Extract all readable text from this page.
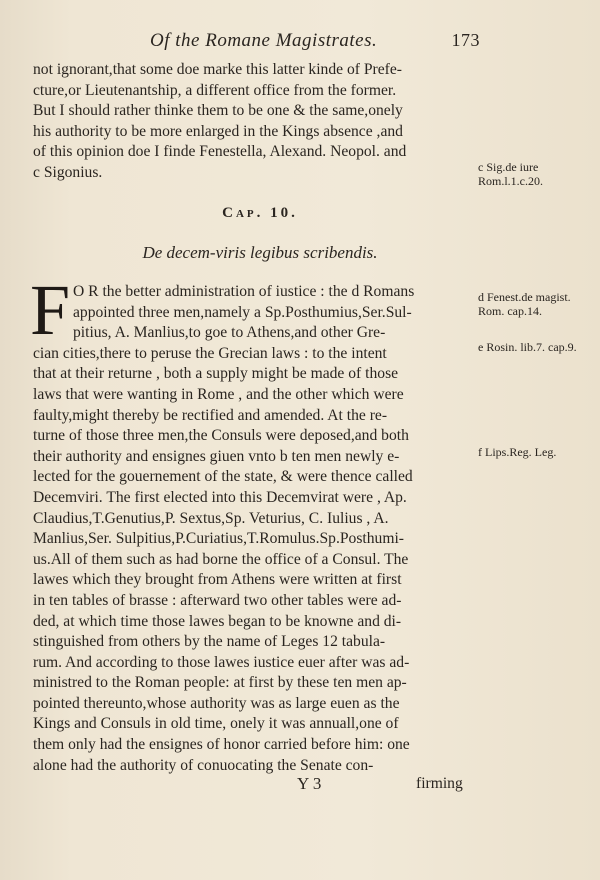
Of the Romane Magistrates.	173
not ignorant,that some doe marke this latter kinde of Prefe-
cture,or Lieutenantship, a different office from the former.
But I should rather thinke them to be one & the same,onely
his authority to be more enlarged in the Kings absence ,and
of this opinion doe I finde Fenestella, Alexand. Neopol. and
c Sigonius.
Cap. 10.
De decem-viris legibus scribendis.
F O R the better administration of iustice : the d Romans
appointed three men,namely a Sp.Posthumius,Ser.Sul-
pitius, A. Manlius,to goe to Athens,and other Gre-
cian cities,there to peruse the Grecian laws : to the intent
that at their returne , both a supply might be made of those
laws that were wanting in Rome , and the other which were
faulty,might thereby be rectified and amended. At the re-
turne of those three men,the Consuls were deposed,and both
their authority and ensignes giuen vnto b ten men newly e-
lected for the gouernement of the state, & were thence called
Decemviri. The first elected into this Decemvirat were , Ap.
Claudius,T.Genutius,P. Sextus,Sp. Veturius, C. Iulius , A.
Manlius,Ser. Sulpitius,P.Curiatius,T.Romulus.Sp.Posthumi-
us.All of them such as had borne the office of a Consul. The
lawes which they brought from Athens were written at first
in ten tables of brasse : afterward two other tables were ad-
ded, at which time those lawes began to be knowne and di-
stinguished from others by the name of Leges 12 tabula-
rum. And according to those lawes iustice euer after was ad-
ministred to the Roman people: at first by these ten men ap-
pointed thereunto,whose authority was as large euen as the
Kings and Consuls in old time, onely it was annuall,one of
them only had the ensignes of honor carried before him: one
alone had the authority of conuocating the Senate con-
c Sig.de iure Rom.l.1.c.20.
d Fenest.de magist. Rom. cap.14.
e Rosin. lib.7. cap.9.
f Lips.Reg. Leg.
Y 3	firming
